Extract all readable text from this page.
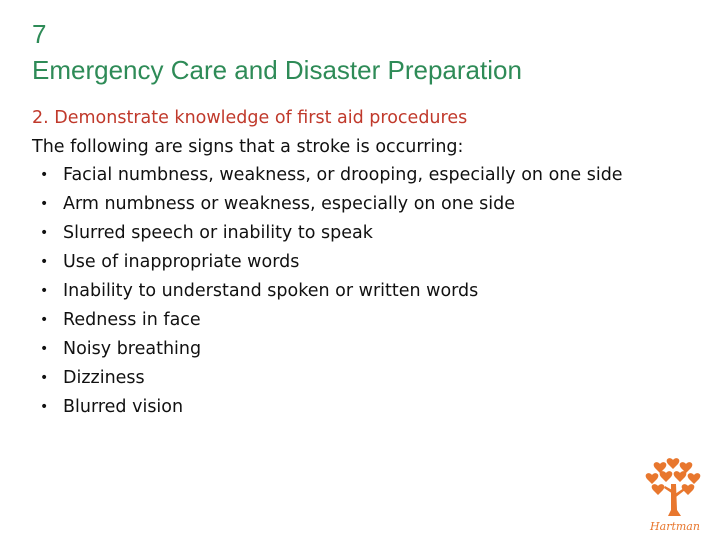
7
Emergency Care and Disaster Preparation
2. Demonstrate knowledge of first aid procedures
The following are signs that a stroke is occurring:
• Facial numbness, weakness, or drooping, especially on one side
• Arm numbness or weakness, especially on one side
• Slurred speech or inability to speak
• Use of inappropriate words
• Inability to understand spoken or written words
• Redness in face
• Noisy breathing
• Dizziness
• Blurred vision
Hartman
